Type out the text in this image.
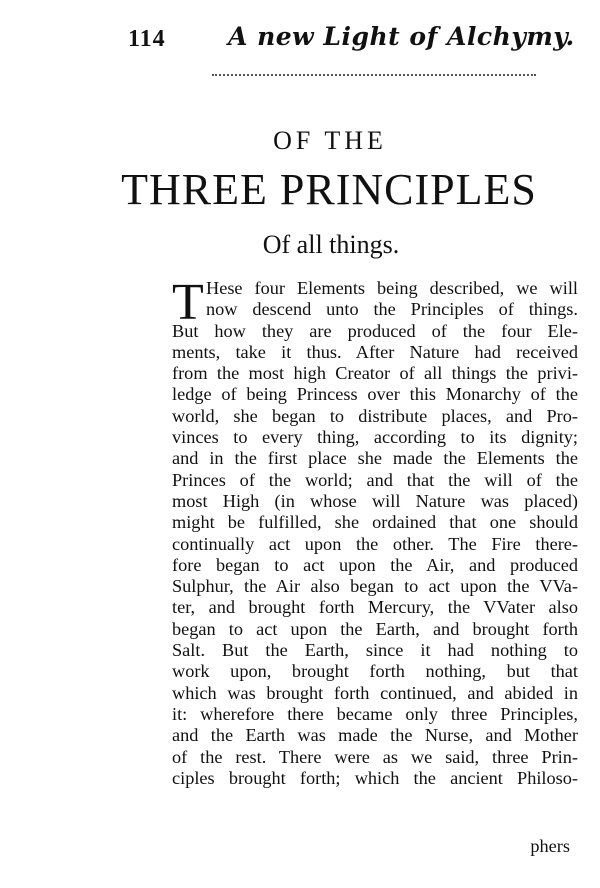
114 A new Light of Alchymy.
OF THE
THREE PRINCIPLES
Of all things.
T Hese four Elements being described, we will
now descend unto the Principles of things.
But how they are produced of the four Ele-
ments, take it thus. After Nature had received
from the most high Creator of all things the privi-
ledge of being Princess over this Monarchy of the
world, she began to distribute places, and Pro-
vinces to every thing, according to its dignity;
and in the first place she made the Elements the
Princes of the world; and that the will of the
most High (in whose will Nature was placed)
might be fulfilled, she ordained that one should
continually act upon the other. The Fire there-
fore began to act upon the Air, and produced
Sulphur, the Air also began to act upon the VVa-
ter, and brought forth Mercury, the VVater also
began to act upon the Earth, and brought forth
Salt. But the Earth, since it had nothing to
work upon, brought forth nothing, but that
which was brought forth continued, and abided in
it: wherefore there became only three Principles,
and the Earth was made the Nurse, and Mother
of the rest. There were as we said, three Prin-
ciples brought forth; which the ancient Philoso-
phers
